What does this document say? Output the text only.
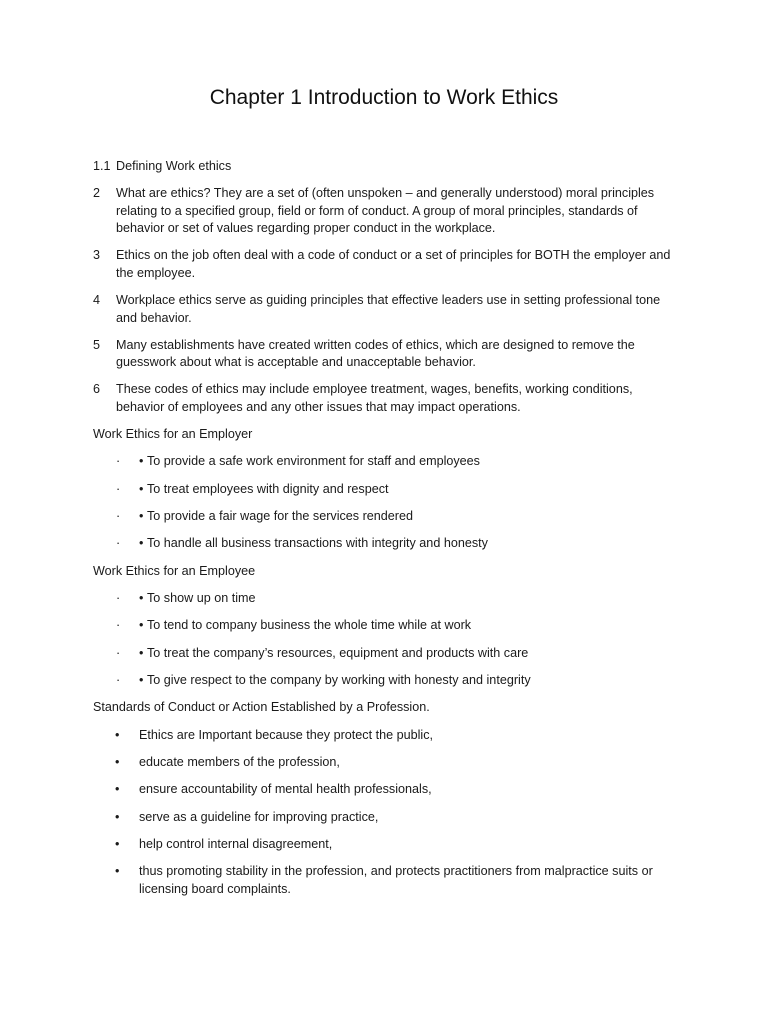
Chapter 1 Introduction to Work Ethics
1.1 Defining Work ethics
2 What are ethics? They are a set of (often unspoken – and generally understood) moral principles relating to a specified group, field or form of conduct. A group of moral principles, standards of behavior or set of values regarding proper conduct in the workplace.
3 Ethics on the job often deal with a code of conduct or a set of principles for BOTH the employer and the employee.
4 Workplace ethics serve as guiding principles that effective leaders use in setting professional tone and behavior.
5 Many establishments have created written codes of ethics, which are designed to remove the guesswork about what is acceptable and unacceptable behavior.
6 These codes of ethics may include employee treatment, wages, benefits, working conditions, behavior of employees and any other issues that may impact operations.
Work Ethics for an Employer
· • To provide a safe work environment for staff and employees
· • To treat employees with dignity and respect
· • To provide a fair wage for the services rendered
· • To handle all business transactions with integrity and honesty
Work Ethics for an Employee
· • To show up on time
· • To tend to company business the whole time while at work
· • To treat the company’s resources, equipment and products with care
· • To give respect to the company by working with honesty and integrity
Standards of Conduct or Action Established by a Profession.
• Ethics are Important because they protect the public,
• educate members of the profession,
• ensure accountability of mental health professionals,
• serve as a guideline for improving practice,
• help control internal disagreement,
• thus promoting stability in the profession, and protects practitioners from malpractice suits or licensing board complaints.
